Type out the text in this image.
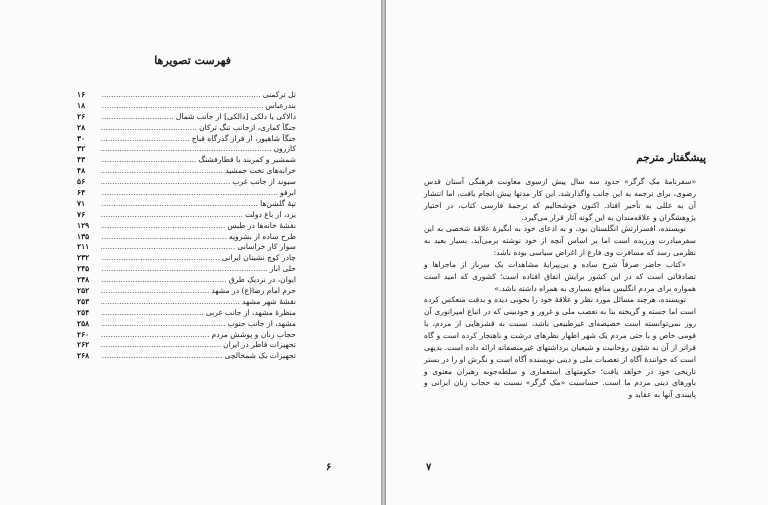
فهرست تصویرها
تل ترکمنی .....
۱۶
بندرعباس .....
۱۸
دالاکی یا دلکی [دالکی] از جانب شمال .....
۲۶
جنگاً کماری، ازجانب تنگ ترکان .....
۲۸
جنگاً شاهپور، از فراز گذرگاه قباج .....
۳۰
کازرون .....
۳۲
شمشیر و کمربند با قطارفشنگ .....
۴۳
خرابه‌های تخت جمشید .....
۴۸
سیوند از جانب غرب .....
۵۶
ابرقو .....
۶۴
تپهٔ گلشن‌ها .....
۷۱
یزد، از باغ دولت .....
۷۶
نقشهٔ خانه‌ها در طبس .....
۱۲۹
طرح ساده از بشرویه .....
۱۳۵
سوار کار خراسانی .....
۲۱۱
چادر کوچ نشینان ایرانی .....
۲۳۲
حلی اباز .....
۲۴۵
ایوان، در نزدیک طرق .....
۲۴۸
حرم امام رضا(ع) در مشهد .....
۲۵۲
نقشهٔ شهر مشهد .....
۲۵۳
منظرهٔ مشهد، از جانب غربی .....
۲۵۴
مشهد، از جانب جنوب .....
۲۵۸
حجاب زنان و پوشش مردم .....
۲۶۰
تجهیزات قاطر در ایران .....
۲۶۲
تجهیزات یک شمخالچی .....
۲۶۸
۶
پیشگفتار مترجم

«سفرنامهٔ مک گرگر» حدود سه سال پیش ازسوی معاونت فرهنگی آستان قدس رضوی، برای ترجمه به این جانب واگذارشد. این کار مدتها پیش انجام یافت، اما انتشار آن به عللی به تأخیر افتاد. اکنون خوشحالیم که ترجمهٔ فارسی کتاب، در اختیار پژوهشگران و علاقه‌مندان به این گونه آثار قرار می‌گیرد.

نویسنده، افسرارتش انگلستان بود، و به ادعای خود به انگیزهٔ علاقهٔ شخصی به این سفرمبادرت ورزیده است اما بر اساس آنچه از خود نوشته برمی‌آید، بسیار بعید به نظرمی رسد که مسافرت وی فارغ از اغراض سیاسی بوده باشد:

«کتاب حاضر صرفاً شرح ساده و بی‌پیرایهٔ مشاهدات یک سرباز از ماجراها و تصادفاتی است که در این کشور برایش اتفاق افتاده است؛ کشوری که امید است همواره برای مردم انگلیس منافع بسیاری به همراه داشته باشد.»

نویسنده، هرچند مسائل مورد نظر و علاقهٔ خود را بخوبی دیده و بدقت منعکس کرده است اما جسته و گریخته بنا به تعصب ملی و غرور و خودبینی که در اتباع امپراتوری آن روز نمی‌توانسته است خصیصه‌ای غیرطبیعی باشد، نسبت به قشرهایی از مردم، یا قومی خاص و یا حتی مردم یک شهر اظهار نظرهای درشت و ناهنجار کرده است و گاه فراتر از آن به شئون روحانیت و شیعیان برداشتهای غیرمنصفانه ارائه داده است. بدیهی است که خوانندهٔ آگاه از تعصبات ملی و دینی نویسنده آگاه است و نگرش او را در بستر تاریخی خود در خواهد یافت؛ حکومتهای استعماری و سلطه‌جوبه رهبران معنوی و باورهای دینی مردم ما است. حساسیت «مک گرگر» نسبت به حجاب زنان ایرانی و پایبندی آنها به عقاید و

۷
